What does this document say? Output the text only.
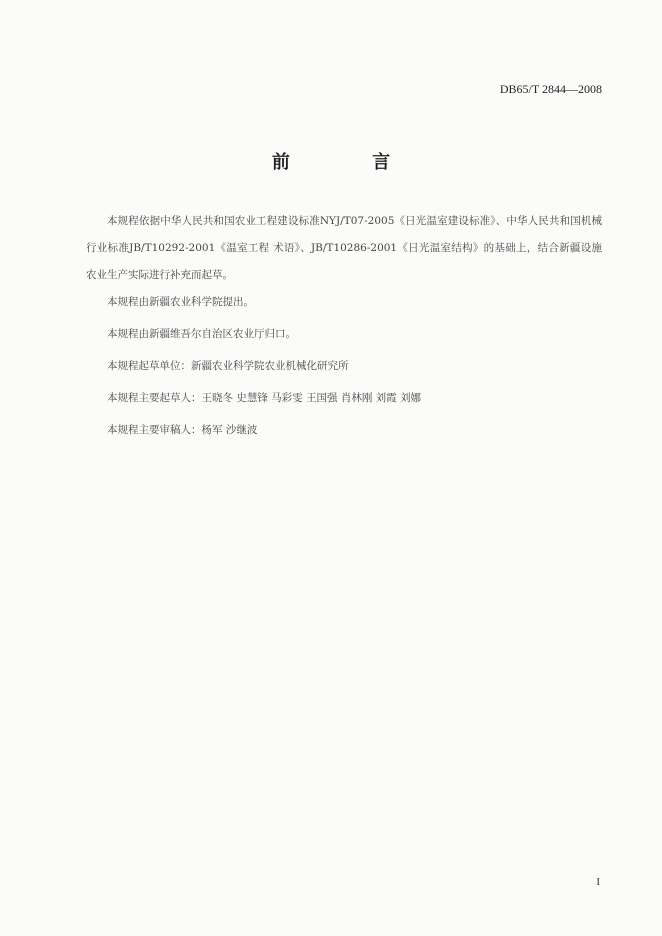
DB65/T 2844—2008
前 言

本规程依据中华人民共和国农业工程建设标准NYJ/T07-2005《日光温室建设标准》、中华人民共和国机械行业标准JB/T10292-2001《温室工程 术语》、JB/T10286-2001《日光温室结构》的基础上，结合新疆设施农业生产实际进行补充而起草。

本规程由新疆农业科学院提出。

本规程由新疆维吾尔自治区农业厅归口。

本规程起草单位：新疆农业科学院农业机械化研究所

本规程主要起草人：王晓冬 史慧锋 马彩雯 王国强 肖林刚 刘霞 刘娜

本规程主要审稿人：杨军 沙继波

I
